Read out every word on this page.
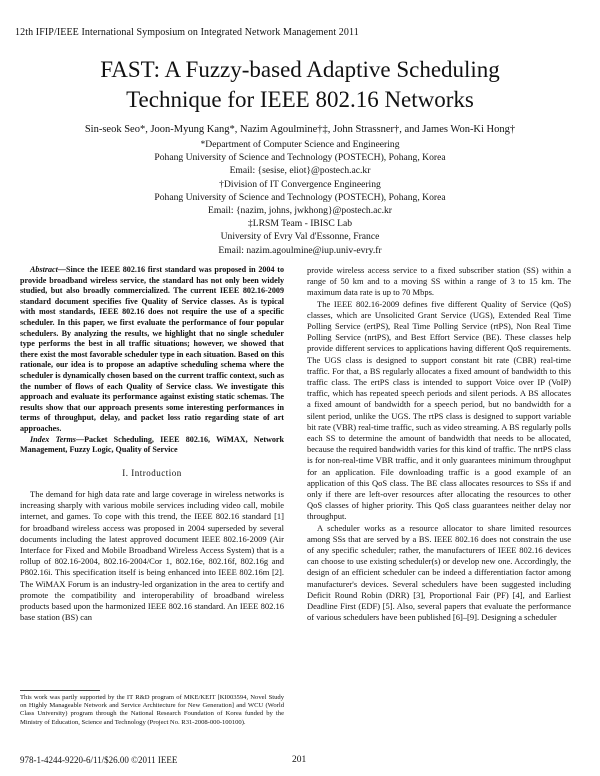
12th IFIP/IEEE International Symposium on Integrated Network Management 2011
FAST: A Fuzzy-based Adaptive Scheduling
Technique for IEEE 802.16 Networks
Sin-seok Seo*, Joon-Myung Kang*, Nazim Agoulmine†‡, John Strassner†, and James Won-Ki Hong†
*Department of Computer Science and Engineering
Pohang University of Science and Technology (POSTECH), Pohang, Korea
Email: {sesise, eliot}@postech.ac.kr
†Division of IT Convergence Engineering
Pohang University of Science and Technology (POSTECH), Pohang, Korea
Email: {nazim, johns, jwkhong}@postech.ac.kr
‡LRSM Team - IBISC Lab
University of Evry Val d'Essonne, France
Email: nazim.agoulmine@iup.univ-evry.fr

Abstract—Since the IEEE 802.16 first standard was proposed in 2004 to provide broadband wireless service, the standard has not only been widely studied, but also broadly commercialized. The current IEEE 802.16-2009 standard document specifies five Quality of Service classes. As is typical with most standards, IEEE 802.16 does not require the use of a specific scheduler. In this paper, we first evaluate the performance of four popular schedulers. By analyzing the results, we highlight that no single scheduler type performs the best in all traffic situations; however, we showed that there exist the most favorable scheduler type in each situation. Based on this rationale, our idea is to propose an adaptive scheduling schema where the scheduler is dynamically chosen based on the current traffic context, such as the number of flows of each Quality of Service class. We investigate this approach and evaluate its performance against existing static schemas. The results show that our approach presents some interesting performances in terms of throughput, delay, and packet loss ratio regarding state of art approaches.

Index Terms—Packet Scheduling, IEEE 802.16, WiMAX, Network Management, Fuzzy Logic, Quality of Service

I. Introduction

The demand for high data rate and large coverage in wireless networks is increasing sharply with various mobile services including video call, mobile internet, and games. To cope with this trend, the IEEE 802.16 standard [1] for broadband wireless access was proposed in 2004 superseded by several documents including the latest approved document IEEE 802.16-2009 (Air Interface for Fixed and Mobile Broadband Wireless Access System) that is a rollup of 802.16-2004, 802.16-2004/Cor 1, 802.16e, 802.16f, 802.16g and P802.16i. This specification itself is being enhanced into IEEE 802.16m [2]. The WiMAX Forum is an industry-led organization in the area to certify and promote the compatibility and interoperability of broadband wireless products based upon the harmonized IEEE 802.16 standard. An IEEE 802.16 base station (BS) can

This work was partly supported by the IT R&D program of MKE/KEIT [KI003594, Novel Study on Highly Manageable Network and Service Architecture for New Generation] and WCU (World Class University) program through the National Research Foundation of Korea funded by the Ministry of Education, Science and Technology (Project No. R31-2008-000-100100).

provide wireless access service to a fixed subscriber station (SS) within a range of 50 km and to a moving SS within a range of 3 to 15 km. The maximum data rate is up to 70 Mbps.

The IEEE 802.16-2009 defines five different Quality of Service (QoS) classes, which are Unsolicited Grant Service (UGS), Extended Real Time Polling Service (ertPS), Real Time Polling Service (rtPS), Non Real Time Polling Service (nrtPS), and Best Effort Service (BE). These classes help provide different services to applications having different QoS requirements. The UGS class is designed to support constant bit rate (CBR) real-time traffic. For that, a BS regularly allocates a fixed amount of bandwidth to this traffic class. The ertPS class is intended to support Voice over IP (VoIP) traffic, which has repeated speech periods and silent periods. A BS allocates a fixed amount of bandwidth for a speech period, but no bandwidth for a silent period, unlike the UGS. The rtPS class is designed to support variable bit rate (VBR) real-time traffic, such as video streaming. A BS regularly polls each SS to determine the amount of bandwidth that needs to be allocated, because the required bandwidth varies for this kind of traffic. The nrtPS class is for non-real-time VBR traffic, and it only guarantees minimum throughput for an application. File downloading traffic is a good example of an application of this QoS class. The BE class allocates resources to SSs if and only if there are left-over resources after allocating the resources to other QoS classes of higher priority. This QoS class guarantees neither delay nor throughput.

A scheduler works as a resource allocator to share limited resources among SSs that are served by a BS. IEEE 802.16 does not constrain the use of any specific scheduler; rather, the manufacturers of IEEE 802.16 devices can choose to use existing scheduler(s) or develop new one. Accordingly, the design of an efficient scheduler can be indeed a differentiation factor among manufacturer's devices. Several schedulers have been suggested including Deficit Round Robin (DRR) [3], Proportional Fair (PF) [4], and Earliest Deadline First (EDF) [5]. Also, several papers that evaluate the performance of various schedulers have been published [6]–[9]. Designing a scheduler

978-1-4244-9220-6/11/$26.00 ©2011 IEEE	201
